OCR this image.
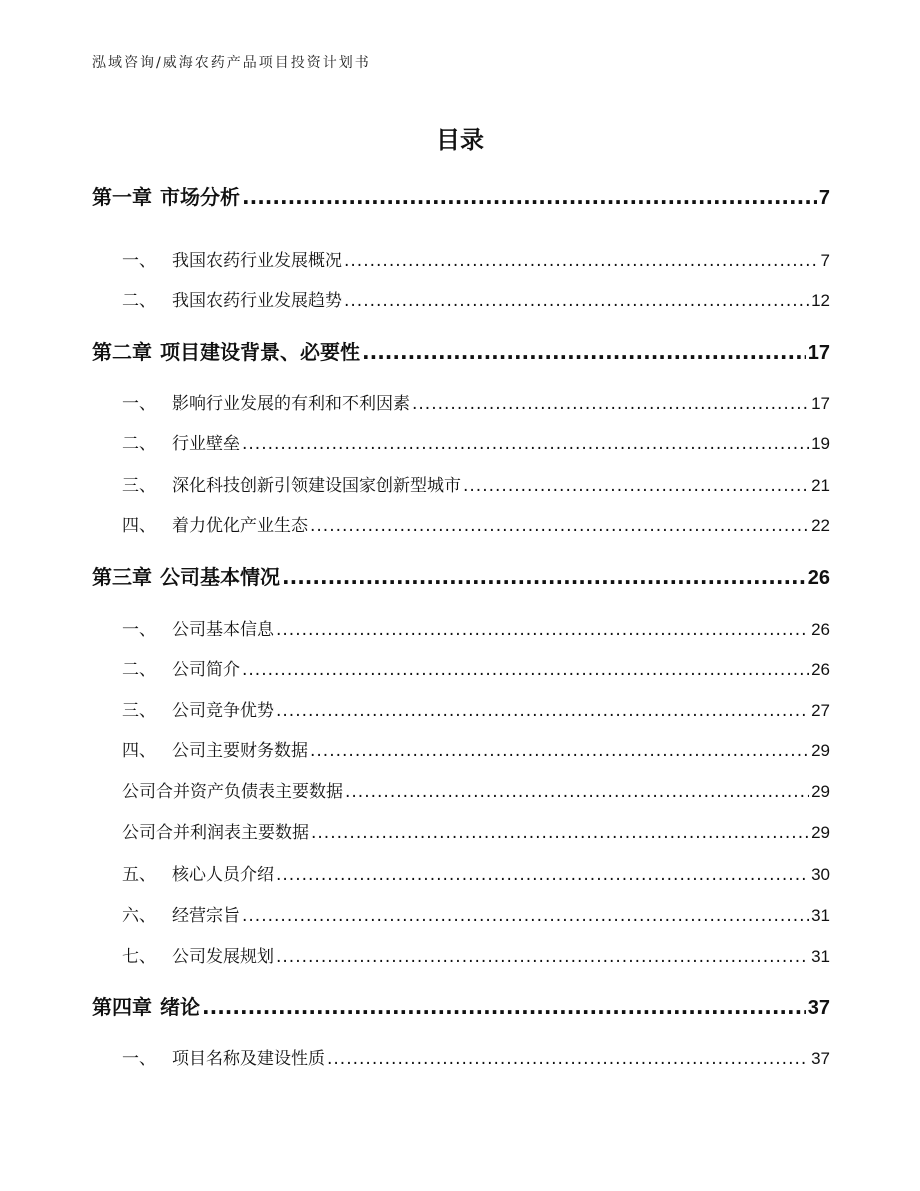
泓域咨询/威海农药产品项目投资计划书
目录
第一章 市场分析 .....	7
一、 我国农药行业发展概况 .....	7
二、 我国农药行业发展趋势 .....	12
第二章 项目建设背景、必要性 .....	17
一、 影响行业发展的有利和不利因素 .....	17
二、 行业壁垒 .....	19
三、 深化科技创新引领建设国家创新型城市 .....	21
四、 着力优化产业生态 .....	22
第三章 公司基本情况 .....	26
一、 公司基本信息 .....	26
二、 公司简介 .....	26
三、 公司竞争优势 .....	27
四、 公司主要财务数据 .....	29
公司合并资产负债表主要数据 .....	29
公司合并利润表主要数据 .....	29
五、 核心人员介绍 .....	30
六、 经营宗旨 .....	31
七、 公司发展规划 .....	31
第四章 绪论 .....	37
一、 项目名称及建设性质 .....	37
